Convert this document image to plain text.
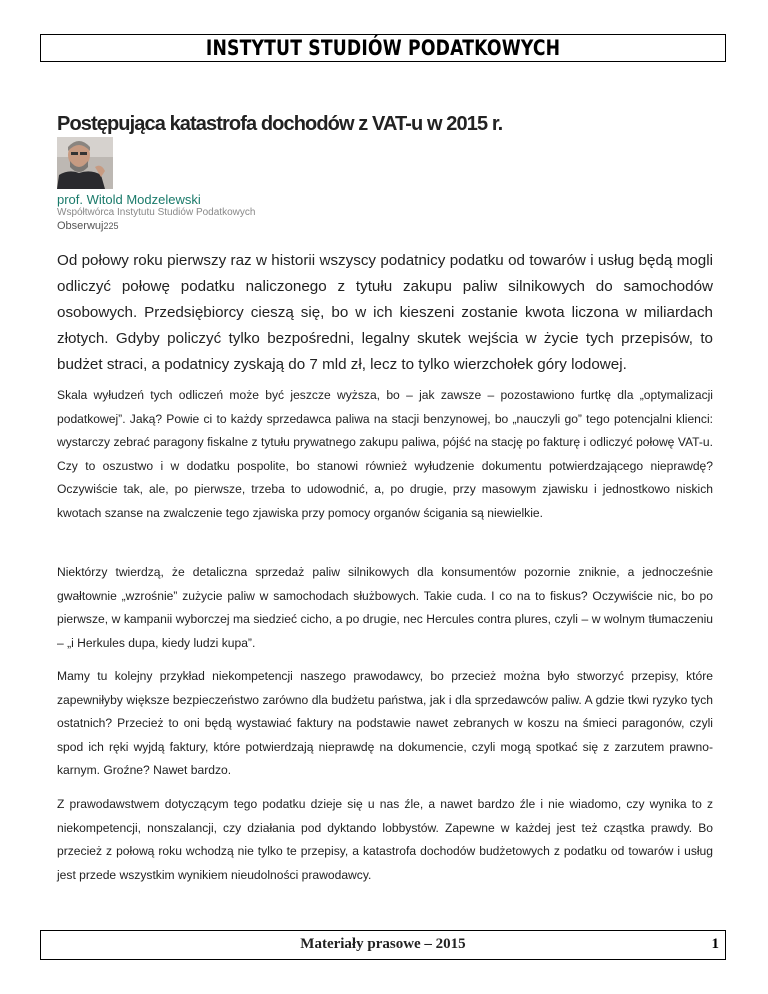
INSTYTUT STUDIÓW PODATKOWYCH
Postępująca katastrofa dochodów z VAT-u w 2015 r.
prof. Witold Modzelewski
Współtwórca Instytutu Studiów Podatkowych
Obserwuj225

Od połowy roku pierwszy raz w historii wszyscy podatnicy podatku od towarów i usług będą mogli odliczyć połowę podatku naliczonego z tytułu zakupu paliw silnikowych do samochodów osobowych. Przedsiębiorcy cieszą się, bo w ich kieszeni zostanie kwota liczona w miliardach złotych. Gdyby policzyć tylko bezpośredni, legalny skutek wejścia w życie tych przepisów, to budżet straci, a podatnicy zyskają do 7 mld zł, lecz to tylko wierzchołek góry lodowej.

Skala wyłudzeń tych odliczeń może być jeszcze wyższa, bo – jak zawsze – pozostawiono furtkę dla „optymalizacji podatkowej”. Jaką? Powie ci to każdy sprzedawca paliwa na stacji benzynowej, bo „nauczyli go” tego potencjalni klienci: wystarczy zebrać paragony fiskalne z tytułu prywatnego zakupu paliwa, pójść na stację po fakturę i odliczyć połowę VAT-u. Czy to oszustwo i w dodatku pospolite, bo stanowi również wyłudzenie dokumentu potwierdzającego nieprawdę? Oczywiście tak, ale, po pierwsze, trzeba to udowodnić, a, po drugie, przy masowym zjawisku i jednostkowo niskich kwotach szanse na zwalczenie tego zjawiska przy pomocy organów ścigania są niewielkie.

Niektórzy twierdzą, że detaliczna sprzedaż paliw silnikowych dla konsumentów pozornie zniknie, a jednocześnie gwałtownie „wzrośnie” zużycie paliw w samochodach służbowych. Takie cuda. I co na to fiskus? Oczywiście nic, bo po pierwsze, w kampanii wyborczej ma siedzieć cicho, a po drugie, nec Hercules contra plures, czyli – w wolnym tłumaczeniu – „i Herkules dupa, kiedy ludzi kupa”.

Mamy tu kolejny przykład niekompetencji naszego prawodawcy, bo przecież można było stworzyć przepisy, które zapewniłyby większe bezpieczeństwo zarówno dla budżetu państwa, jak i dla sprzedawców paliw. A gdzie tkwi ryzyko tych ostatnich? Przecież to oni będą wystawiać faktury na podstawie nawet zebranych w koszu na śmieci paragonów, czyli spod ich ręki wyjdą faktury, które potwierdzają nieprawdę na dokumencie, czyli mogą spotkać się z zarzutem prawno-karnym. Groźne? Nawet bardzo.

Z prawodawstwem dotyczącym tego podatku dzieje się u nas źle, a nawet bardzo źle i nie wiadomo, czy wynika to z niekompetencji, nonszalancji, czy działania pod dyktando lobbystów. Zapewne w każdej jest też cząstka prawdy. Bo przecież z połową roku wchodzą nie tylko te przepisy, a katastrofa dochodów budżetowych z podatku od towarów i usług jest przede wszystkim wynikiem nieudolności prawodawcy.

Materiały prasowe – 2015	1
